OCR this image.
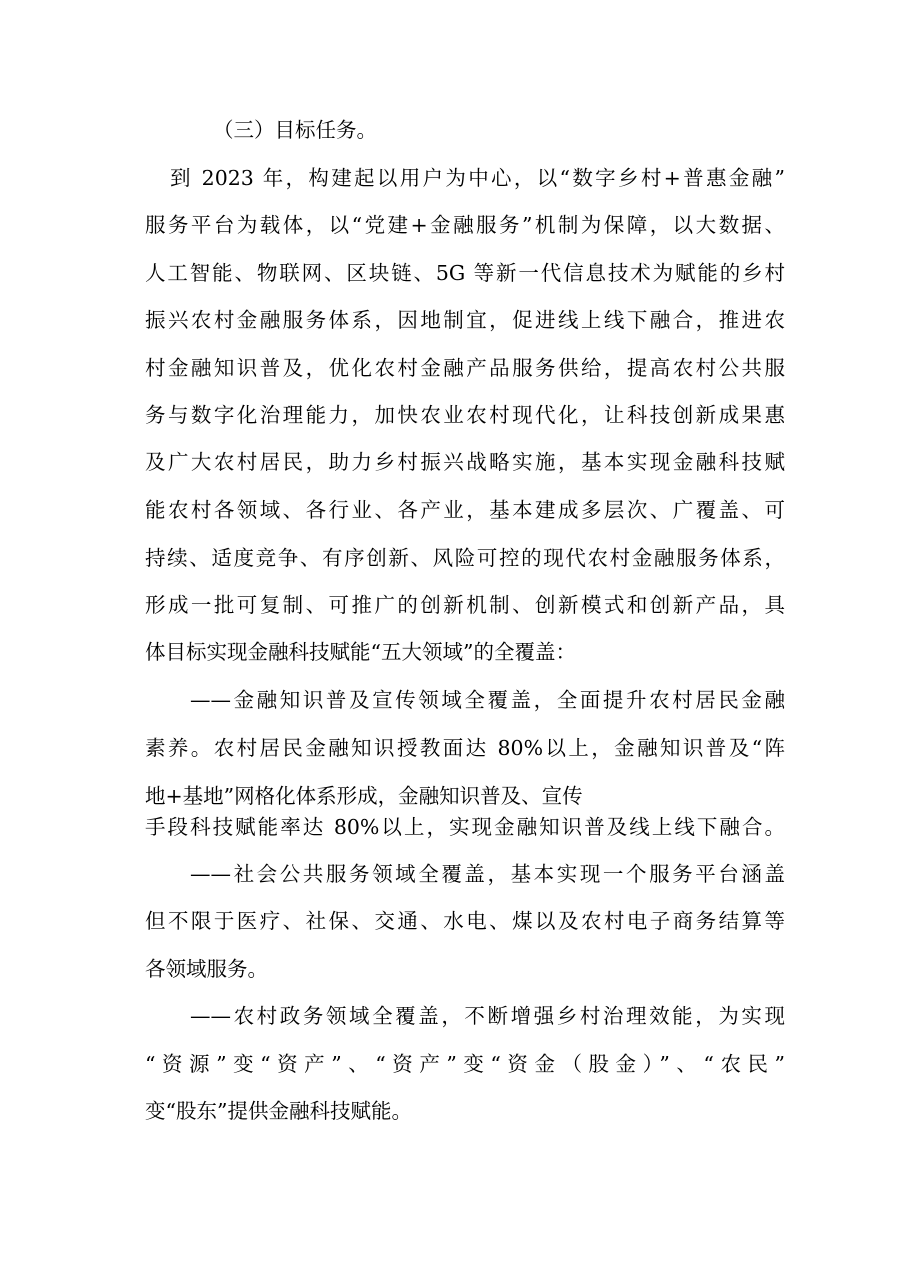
（三）目标任务。
到 2023 年，构建起以用户为中心，以“数字乡村+普惠金融”
服务平台为载体，以“党建+金融服务”机制为保障，以大数据、
人工智能、物联网、区块链、5G 等新一代信息技术为赋能的乡村
振兴农村金融服务体系，因地制宜，促进线上线下融合，推进农
村金融知识普及，优化农村金融产品服务供给，提高农村公共服
务与数字化治理能力，加快农业农村现代化，让科技创新成果惠
及广大农村居民，助力乡村振兴战略实施，基本实现金融科技赋
能农村各领域、各行业、各产业，基本建成多层次、广覆盖、可
持续、适度竞争、有序创新、风险可控的现代农村金融服务体系，
形成一批可复制、可推广的创新机制、创新模式和创新产品，具
体目标实现金融科技赋能“五大领域”的全覆盖：
——金融知识普及宣传领域全覆盖，全面提升农村居民金融
素养。农村居民金融知识授教面达 80%以上，金融知识普及“阵
地+基地”网格化体系形成，金融知识普及、宣传
手段科技赋能率达 80%以上，实现金融知识普及线上线下融合。
——社会公共服务领域全覆盖，基本实现一个服务平台涵盖
但不限于医疗、社保、交通、水电、煤以及农村电子商务结算等
各领域服务。
——农村政务领域全覆盖，不断增强乡村治理效能，为实现
“资源”变“资产”、“资产”变“资金（股金）”、“农民”
变“股东”提供金融科技赋能。
